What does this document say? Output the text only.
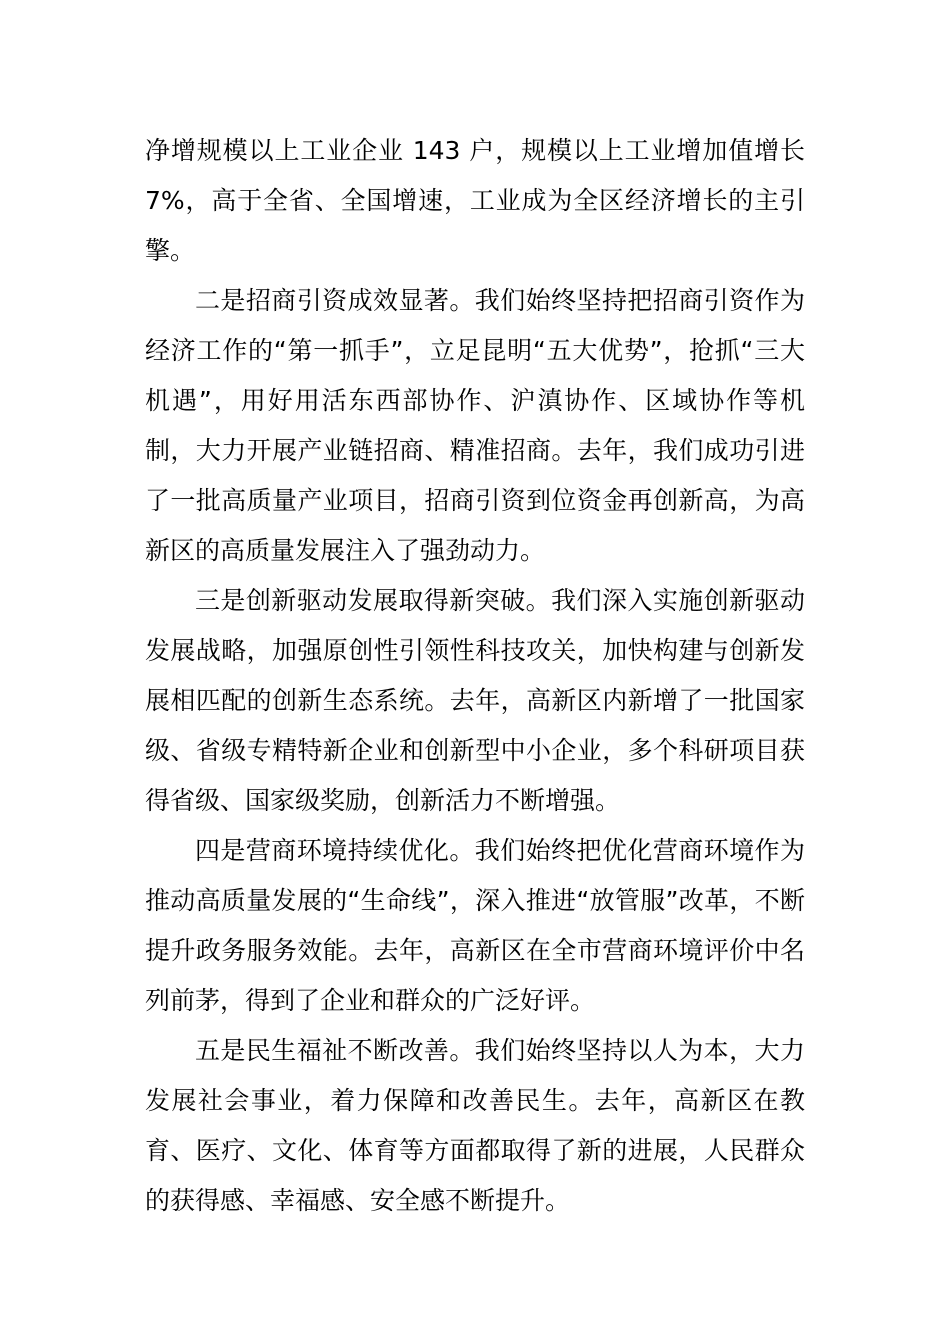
净增规模以上工业企业 143 户，规模以上工业增加值增长 7%，高于全省、全国增速，工业成为全区经济增长的主引擎。

二是招商引资成效显著。我们始终坚持把招商引资作为经济工作的“第一抓手”，立足昆明“五大优势”，抢抓“三大机遇”，用好用活东西部协作、沪滇协作、区域协作等机制，大力开展产业链招商、精准招商。去年，我们成功引进了一批高质量产业项目，招商引资到位资金再创新高，为高新区的高质量发展注入了强劲动力。

三是创新驱动发展取得新突破。我们深入实施创新驱动发展战略，加强原创性引领性科技攻关，加快构建与创新发展相匹配的创新生态系统。去年，高新区内新增了一批国家级、省级专精特新企业和创新型中小企业，多个科研项目获得省级、国家级奖励，创新活力不断增强。

四是营商环境持续优化。我们始终把优化营商环境作为推动高质量发展的“生命线”，深入推进“放管服”改革，不断提升政务服务效能。去年，高新区在全市营商环境评价中名列前茅，得到了企业和群众的广泛好评。

五是民生福祉不断改善。我们始终坚持以人为本，大力发展社会事业，着力保障和改善民生。去年，高新区在教育、医疗、文化、体育等方面都取得了新的进展，人民群众的获得感、幸福感、安全感不断提升。
